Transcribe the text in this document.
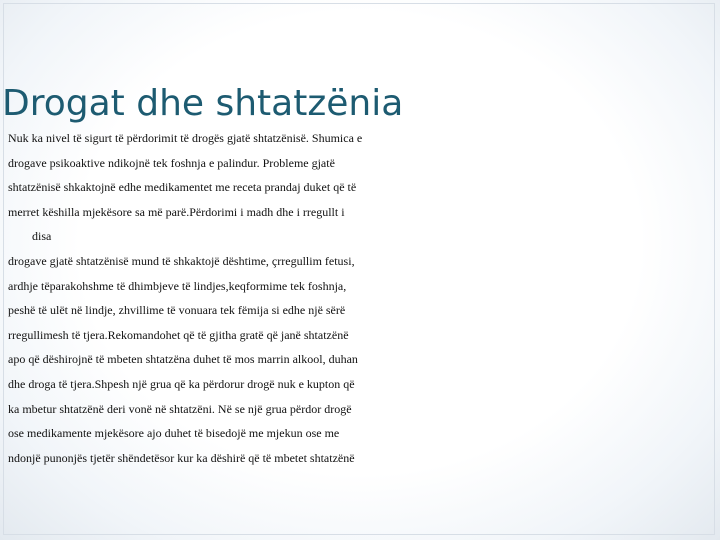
Drogat dhe shtatzënia
Nuk ka nivel të sigurt të përdorimit të drogës gjatë shtatzënisë. Shumica e
drogave psikoaktive ndikojnë tek foshnja e palindur. Probleme gjatë
shtatzënisë shkaktojnë edhe medikamentet me receta prandaj duket që të
merret këshilla mjekësore sa më parë.Përdorimi i madh dhe i rregullt i
disa
drogave gjatë shtatzënisë mund të shkaktojë dështime, çrregullim fetusi,
ardhje tëparakohshme të dhimbjeve të lindjes,keqformime tek foshnja,
peshë të ulët në lindje, zhvillime të vonuara tek fëmija si edhe një sërë
rregullimesh të tjera.Rekomandohet që të gjitha gratë që janë shtatzënë
apo që dëshirojnë të mbeten shtatzëna duhet të mos marrin alkool, duhan
dhe droga të tjera.Shpesh një grua që ka përdorur drogë nuk e kupton që
ka mbetur shtatzënë deri vonë në shtatzëni. Në se një grua përdor drogë
ose medikamente mjekësore ajo duhet të bisedojë me mjekun ose me
ndonjë punonjës tjetër shëndetësor kur ka dëshirë që të mbetet shtatzënë
